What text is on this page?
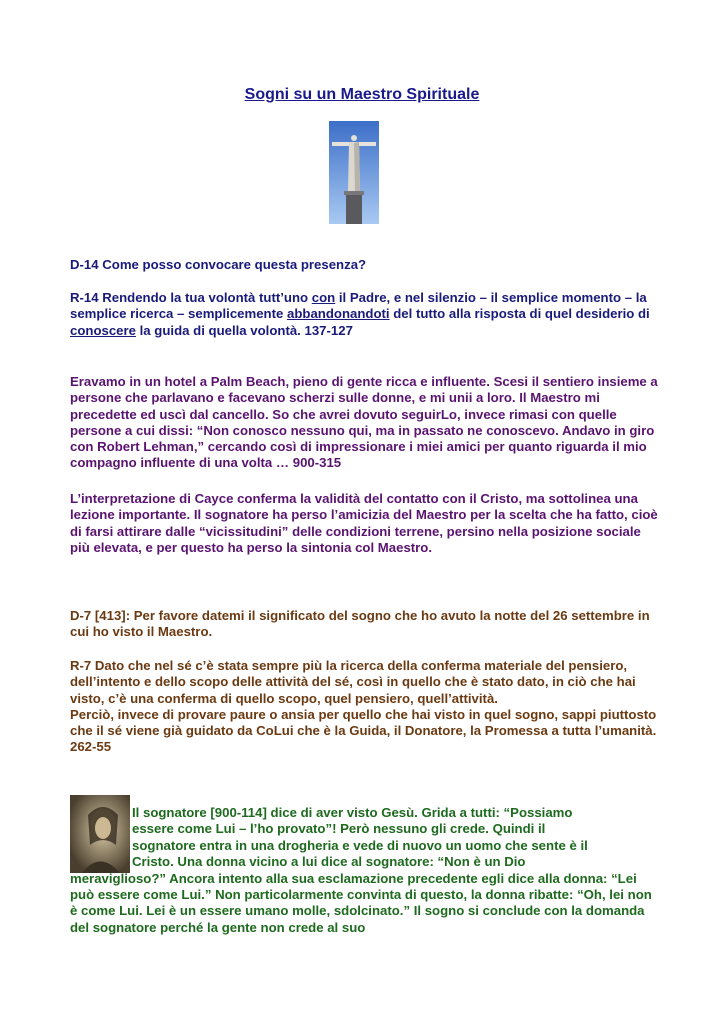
Sogni su un Maestro Spirituale

D-14 Come posso convocare questa presenza?

R-14 Rendendo la tua volontà tutt’uno con il Padre, e nel silenzio – il semplice momento – la semplice ricerca – semplicemente abbandonandoti del tutto alla risposta di quel desiderio di conoscere la guida di quella volontà. 137-127

Eravamo in un hotel a Palm Beach, pieno di gente ricca e influente. Scesi il sentiero insieme a persone che parlavano e facevano scherzi sulle donne, e mi unii a loro. Il Maestro mi precedette ed uscì dal cancello. So che avrei dovuto seguirLo, invece rimasi con quelle persone a cui dissi: “Non conosco nessuno qui, ma in passato ne conoscevo. Andavo in giro con Robert Lehman,” cercando così di impressionare i miei amici per quanto riguarda il mio compagno influente di una volta … 900-315

L’interpretazione di Cayce conferma la validità del contatto con il Cristo, ma sottolinea una lezione importante. Il sognatore ha perso l’amicizia del Maestro per la scelta che ha fatto, cioè di farsi attirare dalle “vicissitudini” delle condizioni terrene, persino nella posizione sociale più elevata, e per questo ha perso la sintonia col Maestro.

D-7 [413]: Per favore datemi il significato del sogno che ho avuto la notte del 26 settembre in cui ho visto il Maestro.

R-7 Dato che nel sé c’è stata sempre più la ricerca della conferma materiale del pensiero, dell’intento e dello scopo delle attività del sé, così in quello che è stato dato, in ciò che hai visto, c’è una conferma di quello scopo, quel pensiero, quell’attività.
Perciò, invece di provare paure o ansia per quello che hai visto in quel sogno, sappi piuttosto che il sé viene già guidato da CoLui che è la Guida, il Donatore, la Promessa a tutta l’umanità. 262-55

Il sognatore [900-114] dice di aver visto Gesù. Grida a tutti: “Possiamo
essere come Lui – l’ho provato”! Però nessuno gli crede. Quindi il
sognatore entra in una drogheria e vede di nuovo un uomo che sente è il
Cristo. Una donna vicino a lui dice al sognatore: “Non è un Dio
meraviglioso?” Ancora intento alla sua esclamazione precedente egli dice alla donna: “Lei può essere come Lui.” Non particolarmente convinta di questo, la donna ribatte: “Oh, lei non è come Lui. Lei è un essere umano molle, sdolcinato.” Il sogno si conclude con la domanda del sognatore perché la gente non crede al suo
